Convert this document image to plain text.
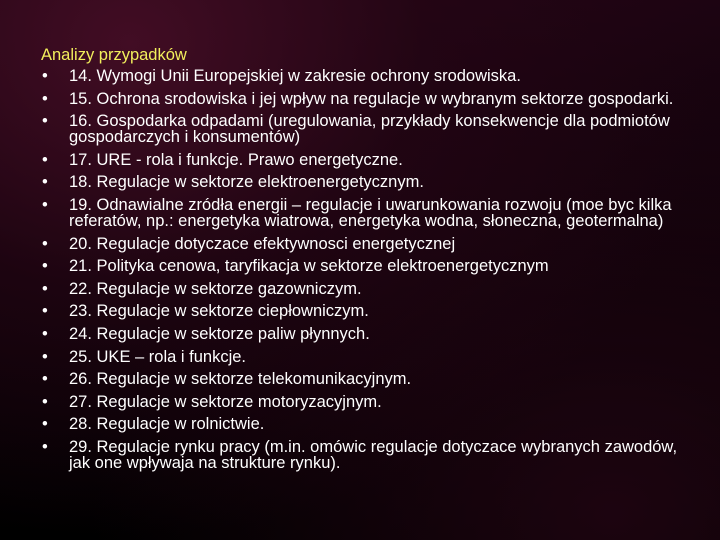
Analizy przypadków
• 14. Wymogi Unii Europejskiej w zakresie ochrony srodowiska.
• 15. Ochrona srodowiska i jej wpływ na regulacje w wybranym sektorze gospodarki.
• 16. Gospodarka odpadami (uregulowania, przykłady konsekwencje dla podmiotów gospodarczych i konsumentów)
• 17. URE - rola i funkcje. Prawo energetyczne.
• 18. Regulacje w sektorze elektroenergetycznym.
• 19. Odnawialne zródła energii – regulacje i uwarunkowania rozwoju (moe byc kilka referatów, np.: energetyka wiatrowa, energetyka wodna, słoneczna, geotermalna)
• 20. Regulacje dotyczace efektywnosci energetycznej
• 21. Polityka cenowa, taryfikacja w sektorze elektroenergetycznym
• 22. Regulacje w sektorze gazowniczym.
• 23. Regulacje w sektorze ciepłowniczym.
• 24. Regulacje w sektorze paliw płynnych.
• 25. UKE – rola i funkcje.
• 26. Regulacje w sektorze telekomunikacyjnym.
• 27. Regulacje w sektorze motoryzacyjnym.
• 28. Regulacje w rolnictwie.
• 29. Regulacje rynku pracy (m.in. omówic regulacje dotyczace wybranych zawodów, jak one wpływaja na strukture rynku).
